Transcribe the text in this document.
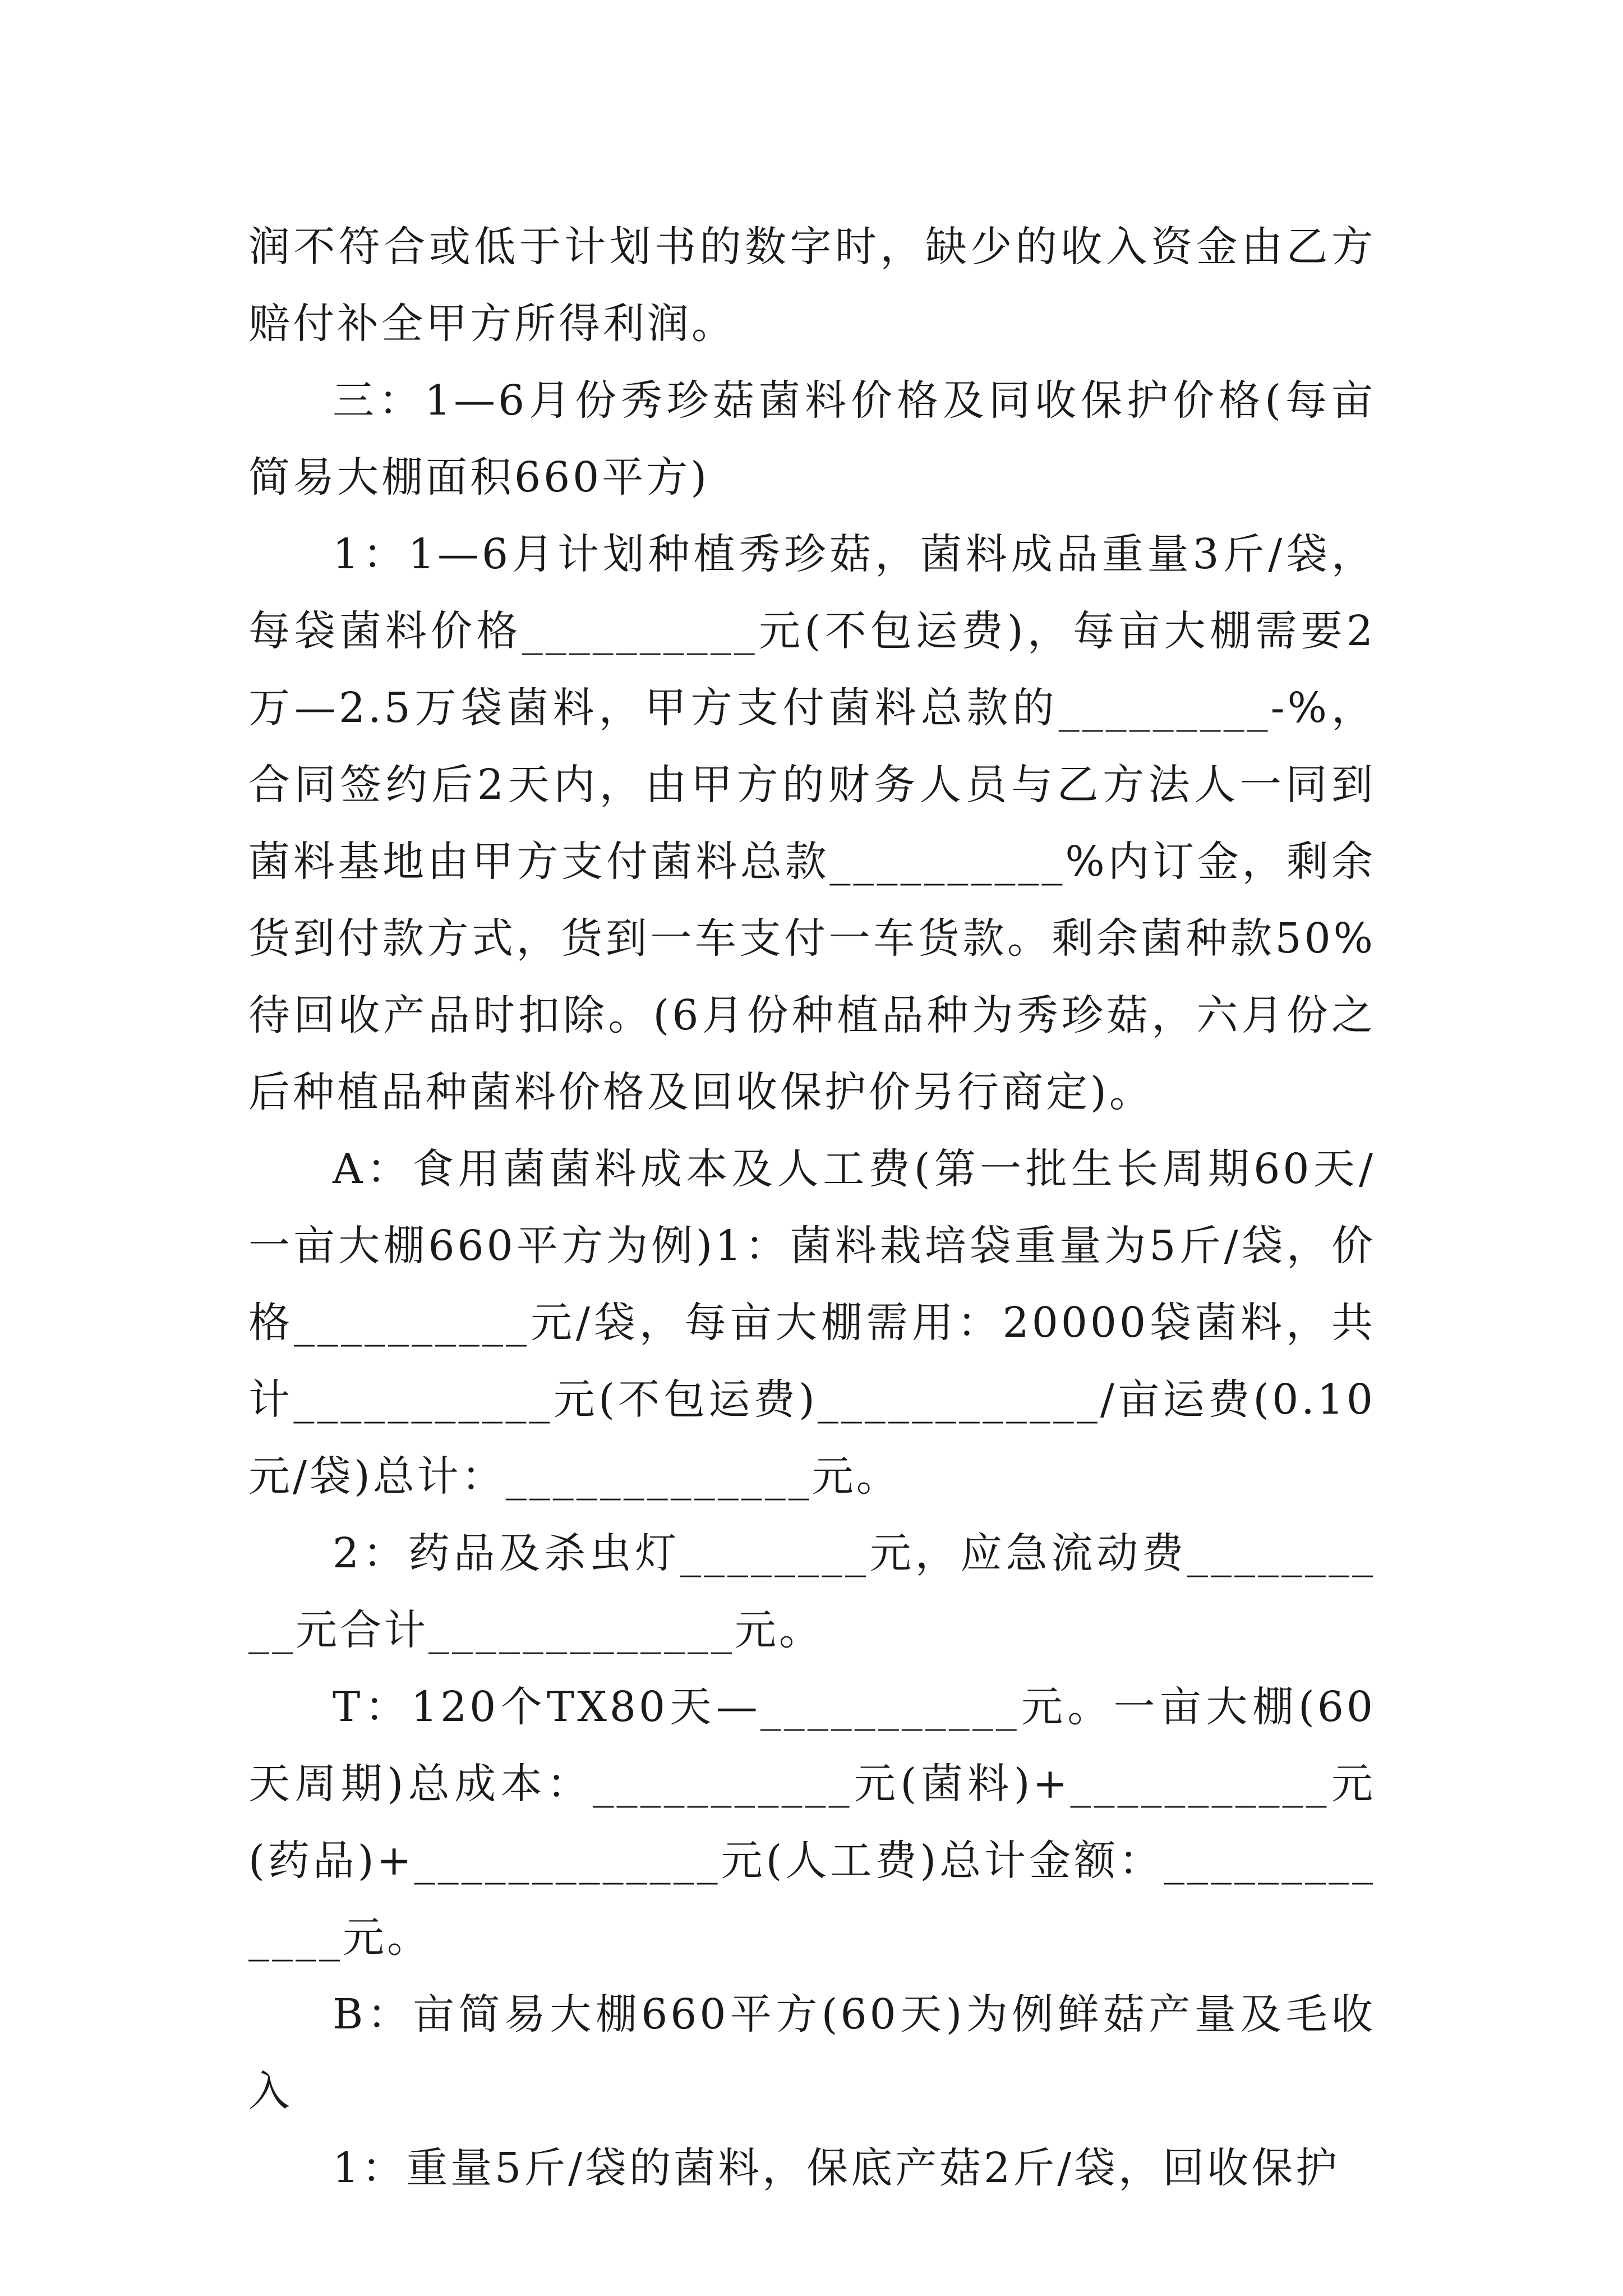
润不符合或低于计划书的数字时，缺少的收入资金由乙方赔付补全甲方所得利润。

三：1—6月份秀珍菇菌料价格及同收保护价格(每亩简易大棚面积660平方)

1：1—6月计划种植秀珍菇，菌料成品重量3斤/袋，每袋菌料价格__________元(不包运费)，每亩大棚需要2万—2.5万袋菌料，甲方支付菌料总款的_________-%，合同签约后2天内，由甲方的财务人员与乙方法人一同到菌料基地由甲方支付菌料总款__________%内订金，剩余货到付款方式，货到一车支付一车货款。剩余菌种款50%待回收产品时扣除。(6月份种植品种为秀珍菇，六月份之后种植品种菌料价格及回收保护价另行商定)。

A：食用菌菌料成本及人工费(第一批生长周期60天/一亩大棚660平方为例)1：菌料栽培袋重量为5斤/袋，价格__________元/袋，每亩大棚需用：20000袋菌料，共计___________元(不包运费)____________/亩运费(0.10元/袋)总计：_____________元。

2：药品及杀虫灯________元，应急流动费__________元合计_____________元。

T：120个TX80天—___________元。一亩大棚(60天周期)总成本：___________元(菌料)+___________元(药品)+_____________元(人工费)总计金额：_____________元。

B：亩简易大棚660平方(60天)为例鲜菇产量及毛收入

1：重量5斤/袋的菌料，保底产菇2斤/袋，回收保护
